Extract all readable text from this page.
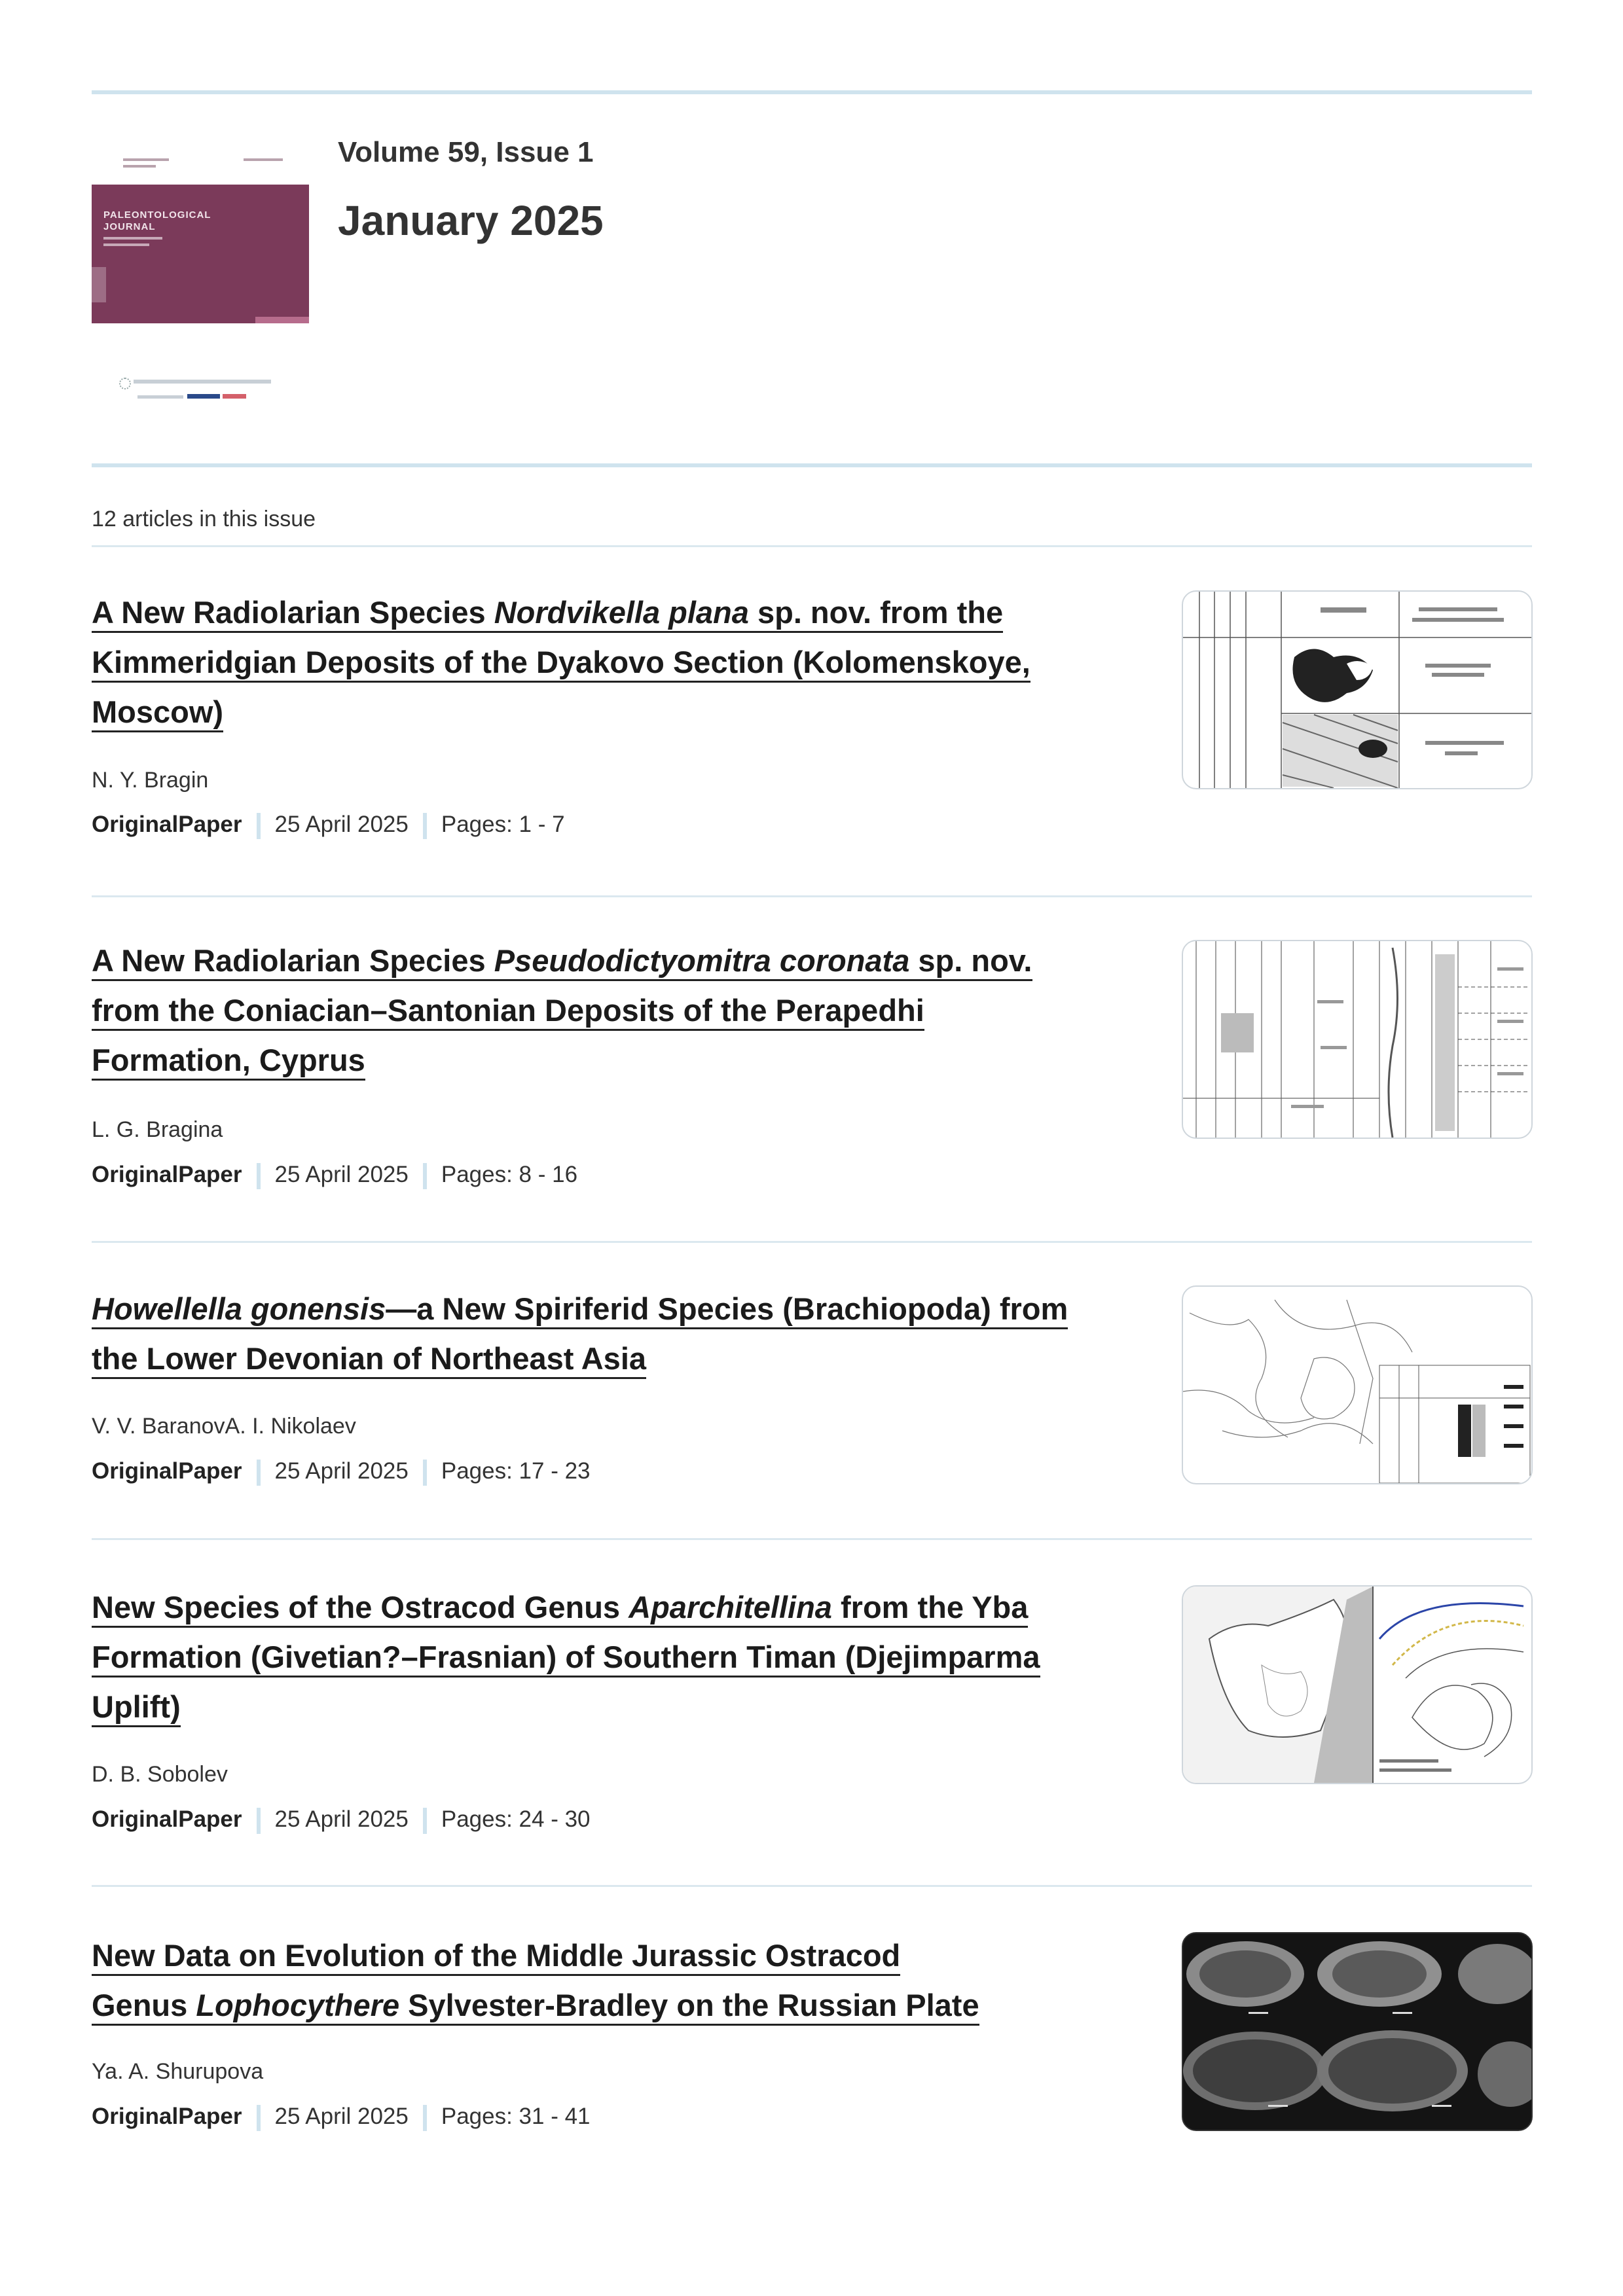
PALEONTOLOGICAL
JOURNAL
Volume 59, Issue 1
January 2025
12 articles in this issue
A New Radiolarian Species Nordvikella plana sp. nov. from the
Kimmeridgian Deposits of the Dyakovo Section (Kolomenskoye,
Moscow)
N. Y. Bragin
OriginalPaper 25 April 2025 Pages: 1 - 7
A New Radiolarian Species Pseudodictyomitra coronata sp. nov.
from the Coniacian–Santonian Deposits of the Perapedhi
Formation, Cyprus
L. G. Bragina
OriginalPaper 25 April 2025 Pages: 8 - 16
Howellella gonensis—a New Spiriferid Species (Brachiopoda) from
the Lower Devonian of Northeast Asia
V. V. BaranovA. I. Nikolaev
OriginalPaper 25 April 2025 Pages: 17 - 23
New Species of the Ostracod Genus Aparchitellina from the Yba
Formation (Givetian?–Frasnian) of Southern Timan (Djejimparma
Uplift)
D. B. Sobolev
OriginalPaper 25 April 2025 Pages: 24 - 30
New Data on Evolution of the Middle Jurassic Ostracod
Genus Lophocythere Sylvester-Bradley on the Russian Plate
Ya. A. Shurupova
OriginalPaper 25 April 2025 Pages: 31 - 41
